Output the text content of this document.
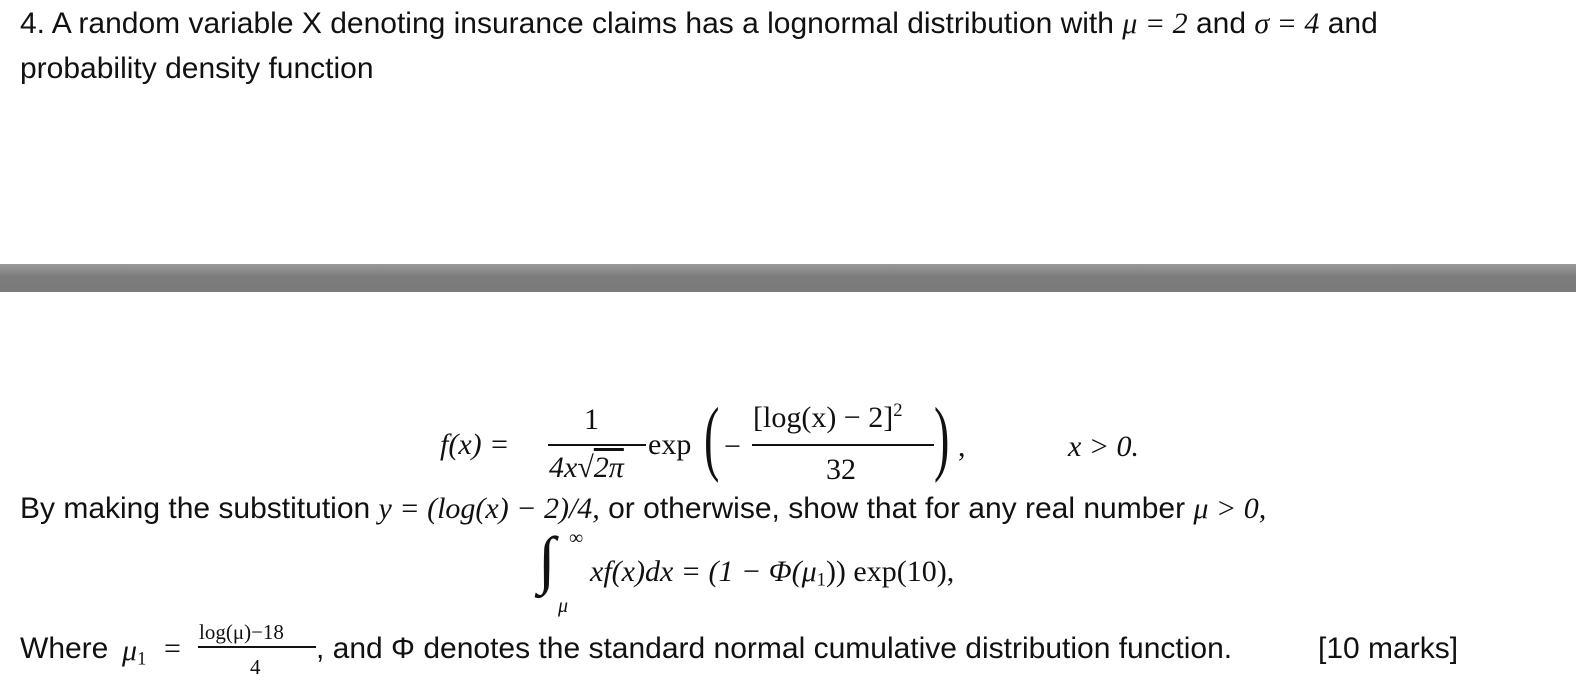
4. A random variable X denoting insurance claims has a lognormal distribution with μ = 2 and σ = 4 and
probability density function
f(x) =
1
4x√2π
exp ( −
$[\log(x) - 2]^2$
32 ) ,	x > 0.
By making the substitution y = (log(x) − 2)/4, or otherwise, show that for any real number μ > 0,
∫ ∞
μ
$xf(x)dx = (1 - \Phi(\mu_1))$ exp(10),
Where $\mu_1 = \log(\mu)-18$
4
, and Φ denotes the standard normal cumulative distribution function.	[10 marks]
